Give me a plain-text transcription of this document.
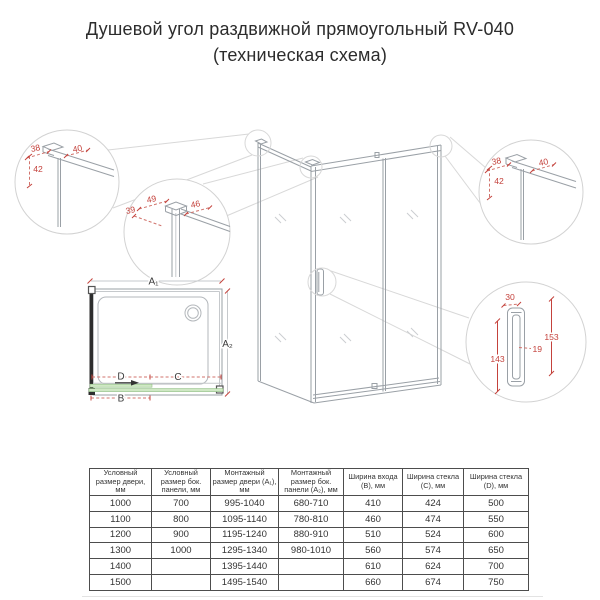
Душевой угол раздвижной прямоугольный RV-040
(техническая схема)
38	40
42
49	46
39
38	40
42
30
153
143
19
A₁
A₂
D	C
B
Условный размер двери, мм	Условный размер бок. панели, мм	Монтажный размер двери (A₁), мм	Монтажный размер бок. панели (A₂), мм	Ширина входа (B), мм	Ширина стекла (C), мм	Ширина стекла (D), мм
1000	700	995-1040	680-710	410	424	500
1100	800	1095-1140	780-810	460	474	550
1200	900	1195-1240	880-910	510	524	600
1300	1000	1295-1340	980-1010	560	574	650
1400		1395-1440		610	624	700
1500		1495-1540		660	674	750
